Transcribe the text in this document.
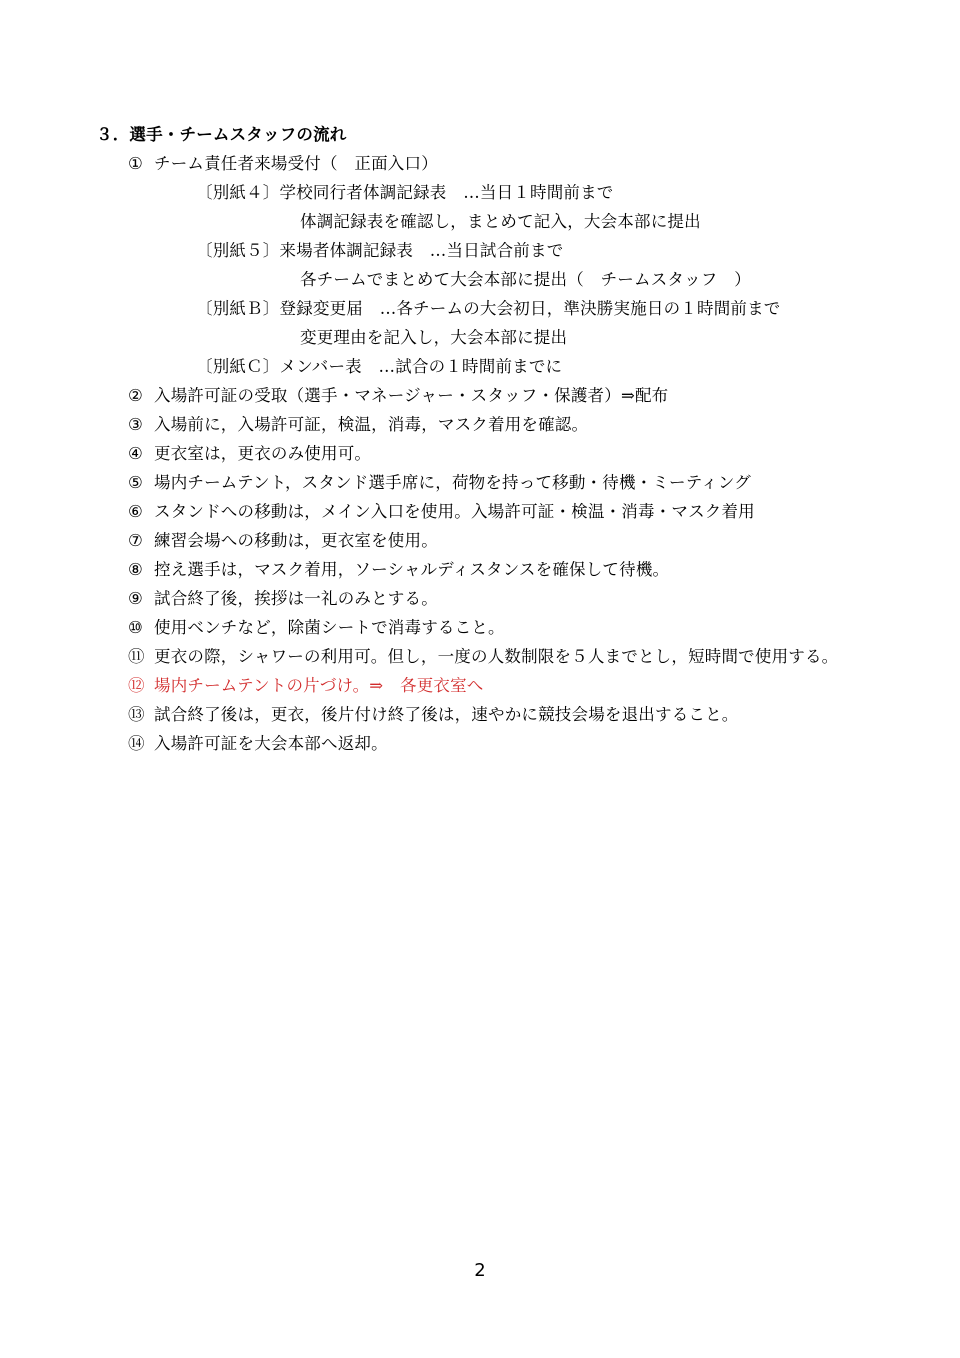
３．選手・チームスタッフの流れ
① チーム責任者来場受付（　正面入口）
〔別紙４〕学校同行者体調記録表　…当日１時間前まで
体調記録表を確認し，まとめて記入，大会本部に提出
〔別紙５〕来場者体調記録表　…当日試合前まで
各チームでまとめて大会本部に提出（　チームスタッフ　）
〔別紙Ｂ〕登録変更届　…各チームの大会初日，準決勝実施日の１時間前まで
変更理由を記入し，大会本部に提出
〔別紙Ｃ〕メンバー表　…試合の１時間前までに
② 入場許可証の受取（選手・マネージャー・スタッフ・保護者）⇒配布
③ 入場前に，入場許可証，検温，消毒，マスク着用を確認。
④ 更衣室は，更衣のみ使用可。
⑤ 場内チームテント，スタンド選手席に，荷物を持って移動・待機・ミーティング
⑥ スタンドへの移動は，メイン入口を使用。入場許可証・検温・消毒・マスク着用
⑦ 練習会場への移動は，更衣室を使用。
⑧ 控え選手は，マスク着用，ソーシャルディスタンスを確保して待機。
⑨ 試合終了後，挨拶は一礼のみとする。
⑩ 使用ベンチなど，除菌シートで消毒すること。
⑪ 更衣の際，シャワーの利用可。但し，一度の人数制限を５人までとし，短時間で使用する。
⑫ 場内チームテントの片づけ。⇒　各更衣室へ
⑬ 試合終了後は，更衣，後片付け終了後は，速やかに競技会場を退出すること。
⑭ 入場許可証を大会本部へ返却。
2
